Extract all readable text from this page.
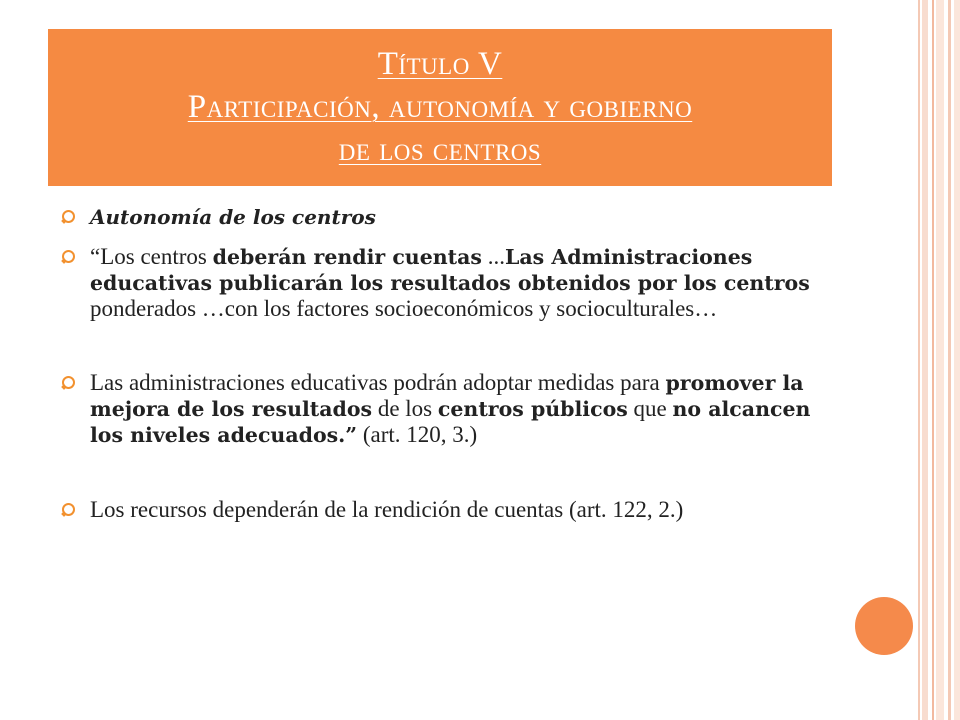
Título V
Participación, autonomía y gobierno
de los centros

Autonomía de los centros

“Los centros deberán rendir cuentas ...Las Administraciones educativas publicarán los resultados obtenidos por los centros ponderados …con los factores socioeconómicos y socioculturales…

Las administraciones educativas podrán adoptar medidas para promover la mejora de los resultados de los centros públicos que no alcancen los niveles adecuados.” (art. 120, 3.)

Los recursos dependerán de la rendición de cuentas (art. 122, 2.)
